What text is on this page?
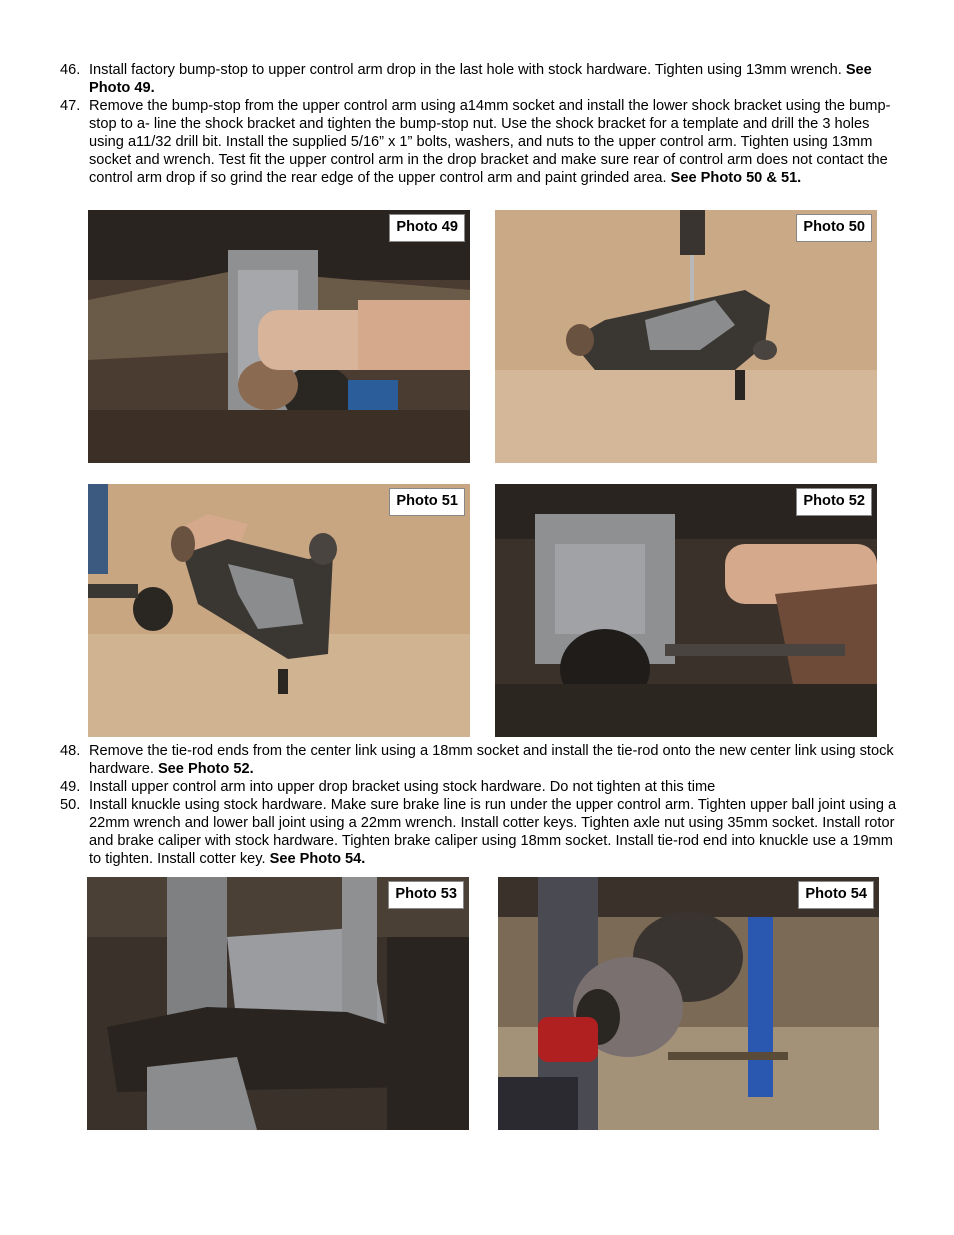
46. Install factory bump-stop to upper control arm drop in the last hole with stock hardware. Tighten using 13mm wrench. See Photo 49.
47. Remove the bump-stop from the upper control arm using a14mm socket and install the lower shock bracket using the bump-stop to a- line the shock bracket and tighten the bump-stop nut. Use the shock bracket for a template and drill the 3 holes using a11/32 drill bit. Install the supplied 5/16” x 1” bolts, washers, and nuts to the upper control arm. Tighten using 13mm socket and wrench. Test fit the upper control arm in the drop bracket and make sure rear of control arm does not contact the control arm drop if so grind the rear edge of the upper control arm and paint grinded area. See Photo 50 & 51.
Photo 49	Photo 50
Photo 51	Photo 52
48. Remove the tie-rod ends from the center link using a 18mm socket and install the tie-rod onto the new center link using stock hardware. See Photo 52.
49. Install upper control arm into upper drop bracket using stock hardware. Do not tighten at this time
50. Install knuckle using stock hardware. Make sure brake line is run under the upper control arm. Tighten upper ball joint using a 22mm wrench and lower ball joint using a 22mm wrench. Install cotter keys. Tighten axle nut using 35mm socket. Install rotor and brake caliper with stock hardware. Tighten brake caliper using 18mm socket. Install tie-rod end into knuckle use a 19mm to tighten. Install cotter key. See Photo 54.
Photo 53	Photo 54
